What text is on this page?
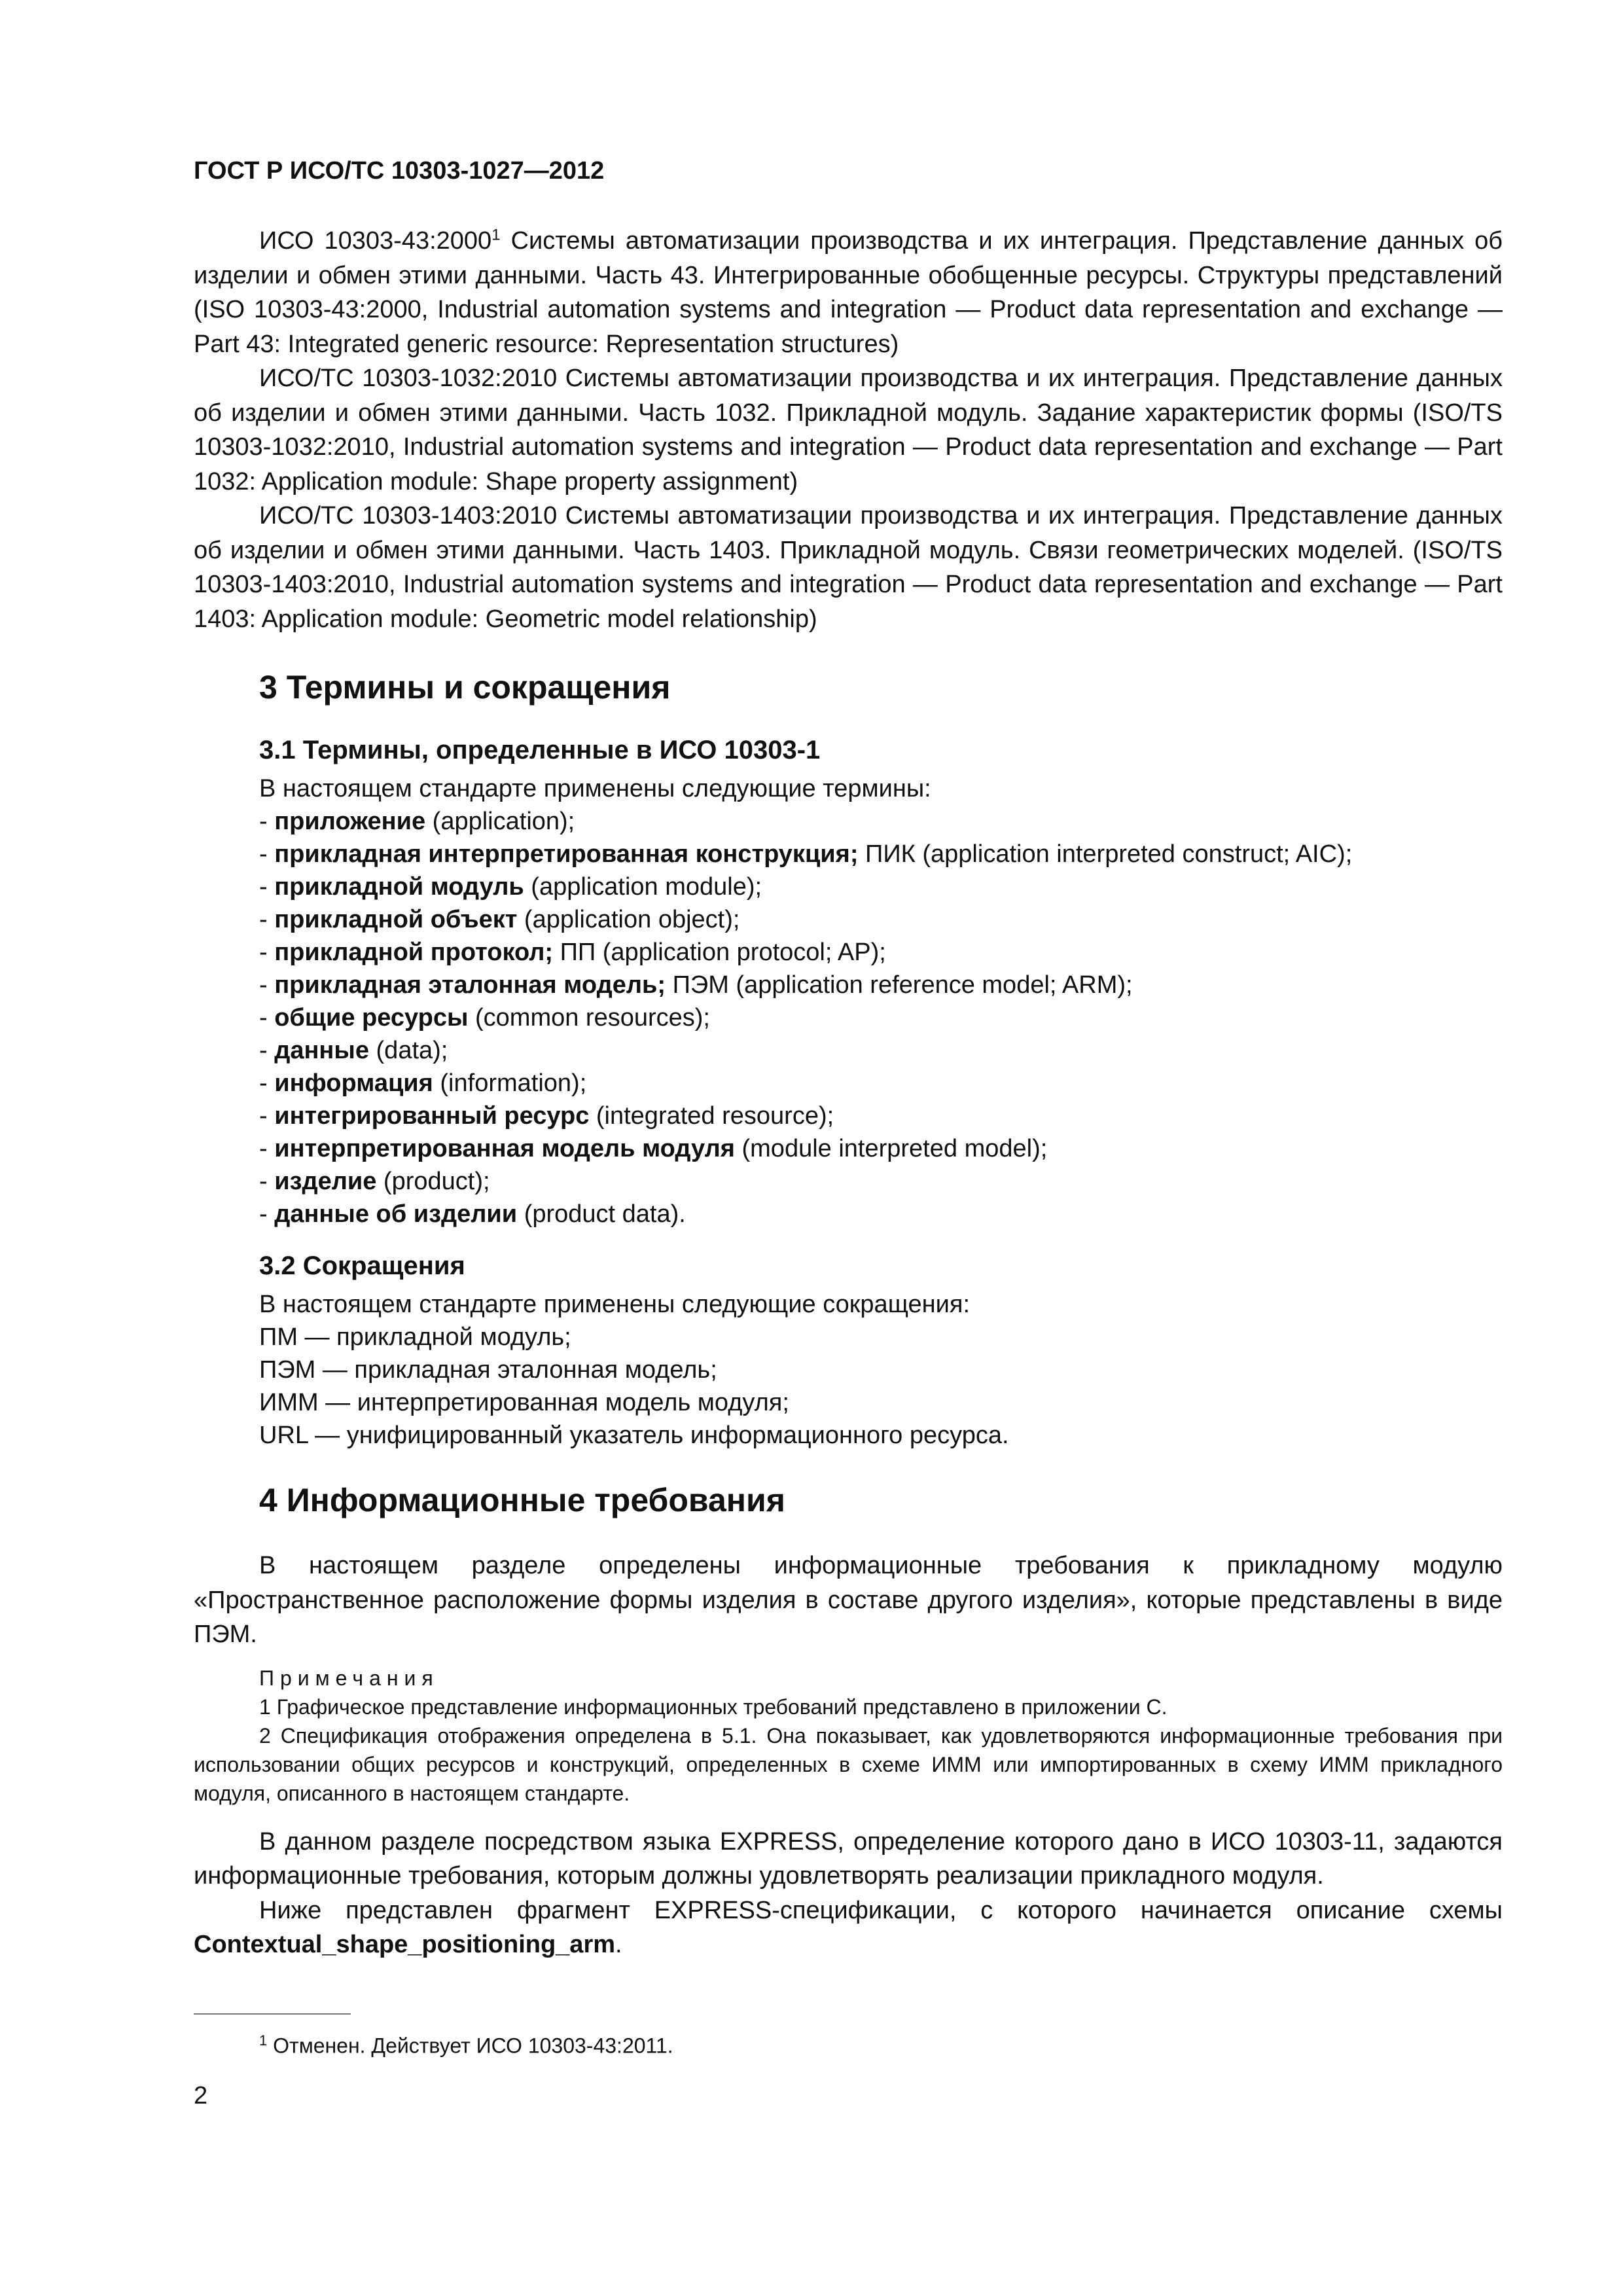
ГОСТ Р ИСО/ТС 10303-1027—2012

ИСО 10303-43:2000$^1$ Системы автоматизации производства и их интеграция. Представление данных об изделии и обмен этими данными. Часть 43. Интегрированные обобщенные ресурсы. Структуры представлений (ISO 10303-43:2000, Industrial automation systems and integration — Product data representation and exchange — Part 43: Integrated generic resource: Representation structures)

ИСО/ТС 10303-1032:2010 Системы автоматизации производства и их интеграция. Представление данных об изделии и обмен этими данными. Часть 1032. Прикладной модуль. Задание характеристик формы (ISO/TS 10303-1032:2010, Industrial automation systems and integration — Product data representation and exchange — Part 1032: Application module: Shape property assignment)

ИСО/ТС 10303-1403:2010 Системы автоматизации производства и их интеграция. Представление данных об изделии и обмен этими данными. Часть 1403. Прикладной модуль. Связи геометрических моделей. (ISO/TS 10303-1403:2010, Industrial automation systems and integration — Product data representation and exchange — Part 1403: Application module: Geometric model relationship)

3 Термины и сокращения
3.1 Термины, определенные в ИСО 10303-1
В настоящем стандарте применены следующие термины:
- приложение (application);
- прикладная интерпретированная конструкция; ПИК (application interpreted construct; AIC);
- прикладной модуль (application module);
- прикладной объект (application object);
- прикладной протокол; ПП (application protocol; AP);
- прикладная эталонная модель; ПЭМ (application reference model; ARM);
- общие ресурсы (common resources);
- данные (data);
- информация (information);
- интегрированный ресурс (integrated resource);
- интерпретированная модель модуля (module interpreted model);
- изделие (product);
- данные об изделии (product data).
3.2 Сокращения
В настоящем стандарте применены следующие сокращения:
ПМ — прикладной модуль;
ПЭМ — прикладная эталонная модель;
ИММ — интерпретированная модель модуля;
URL — унифицированный указатель информационного ресурса.
4 Информационные требования

В настоящем разделе определены информационные требования к прикладному модулю «Пространственное расположение формы изделия в составе другого изделия», которые представлены в виде ПЭМ.

Примечания

1 Графическое представление информационных требований представлено в приложении С.

2 Спецификация отображения определена в 5.1. Она показывает, как удовлетворяются информационные требования при использовании общих ресурсов и конструкций, определенных в схеме ИММ или импортированных в схему ИММ прикладного модуля, описанного в настоящем стандарте.

В данном разделе посредством языка EXPRESS, определение которого дано в ИСО 10303-11, задаются информационные требования, которым должны удовлетворять реализации прикладного модуля.

Ниже представлен фрагмент EXPRESS-спецификации, с которого начинается описание схемы Contextual_shape_positioning_arm.

$^1$ Отменен. Действует ИСО 10303-43:2011.
2
